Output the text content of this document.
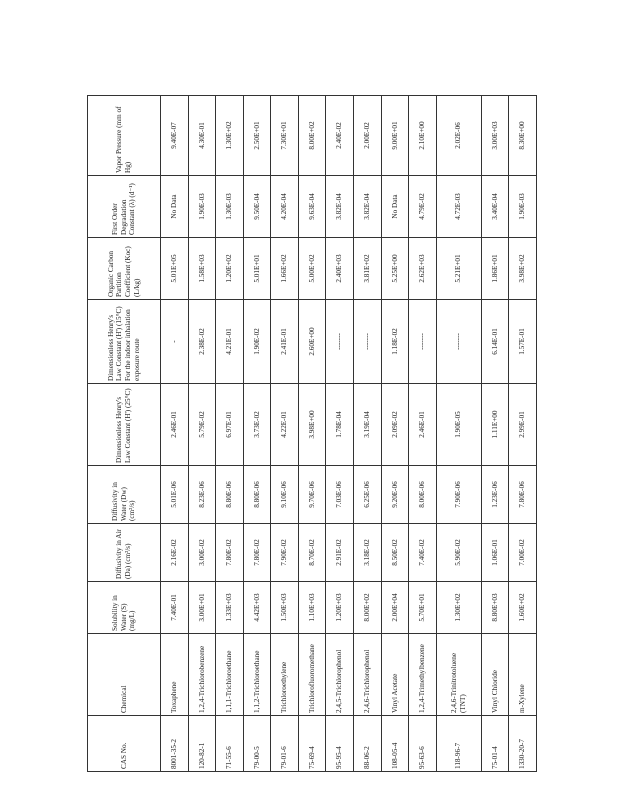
CAS No.	Chemical	Solubility in Water (S) (mg/L)	Diffusivity in Air (Da) (cm²/s)	Diffusivity in Water (Dw) (cm²/s)	Dimensionless Henry's Law Constant (H') (25°C)	Dimensionless Henry's Law Constant (H') (15°C) For the indoor inhalation exposure route	Organic Carbon Partition Coefficient (Koc) (L/kg)	First Order Degradation Constant (λ) (d⁻¹)	Vapor Pressure (mm of Hg)
8001-35-2	Toxaphene	7.40E-01	2.16E-02	5.01E-06	2.46E-01	-	5.01E+05	No Data	9.40E-07
120-82-1	1,2,4-Trichlorobenzene	3.00E+01	3.00E-02	8.23E-06	5.79E-02	2.38E-02	1.58E+03	1.90E-03	4.30E-01
71-55-6	1,1,1-Trichloroethane	1.33E+03	7.80E-02	8.80E-06	6.97E-01	4.21E-01	1.20E+02	1.30E-03	1.30E+02
79-00-5	1,1,2-Trichloroethane	4.42E+03	7.80E-02	8.80E-06	3.73E-02	1.90E-02	5.01E+01	9.50E-04	2.50E+01
79-01-6	Trichloroethylene	1.50E+03	7.90E-02	9.10E-06	4.22E-01	2.41E-01	1.66E+02	4.20E-04	7.30E+01
75-69-4	Trichlorofluoromethane	1.10E+03	8.70E-02	9.70E-06	3.98E+00	2.60E+00	5.00E+02	9.63E-04	8.00E+02
95-95-4	2,4,5-Trichlorophenol	1.20E+03	2.91E-02	7.03E-06	1.78E-04	-------	2.40E+03	3.82E-04	2.40E-02
88-06-2	2,4,6-Trichlorophenol	8.00E+02	3.18E-02	6.25E-06	3.19E-04	-------	3.81E+02	3.82E-04	2.00E-02
108-05-4	Vinyl Acetate	2.00E+04	8.50E-02	9.20E-06	2.09E-02	1.18E-02	5.25E+00	No Data	9.00E+01
95-63-6	1,2,4-Trimethylbenzene	5.70E+01	7.40E-02	8.00E-06	2.46E-01	-------	2.62E+03	4.79E-02	2.10E+00
118-96-7	2,4,6-Trinitrotoluene (TNT)	1.30E+02	5.90E-02	7.90E-06	1.90E-05	-------	5.21E+01	4.72E-03	2.02E-06
75-01-4	Vinyl Chloride	8.80E+03	1.06E-01	1.23E-06	1.11E+00	6.14E-01	1.86E+01	3.40E-04	3.00E+03
1330-20-7	m-Xylene	1.60E+02	7.00E-02	7.80E-06	2.99E-01	1.57E-01	3.98E+02	1.90E-03	8.30E+00
